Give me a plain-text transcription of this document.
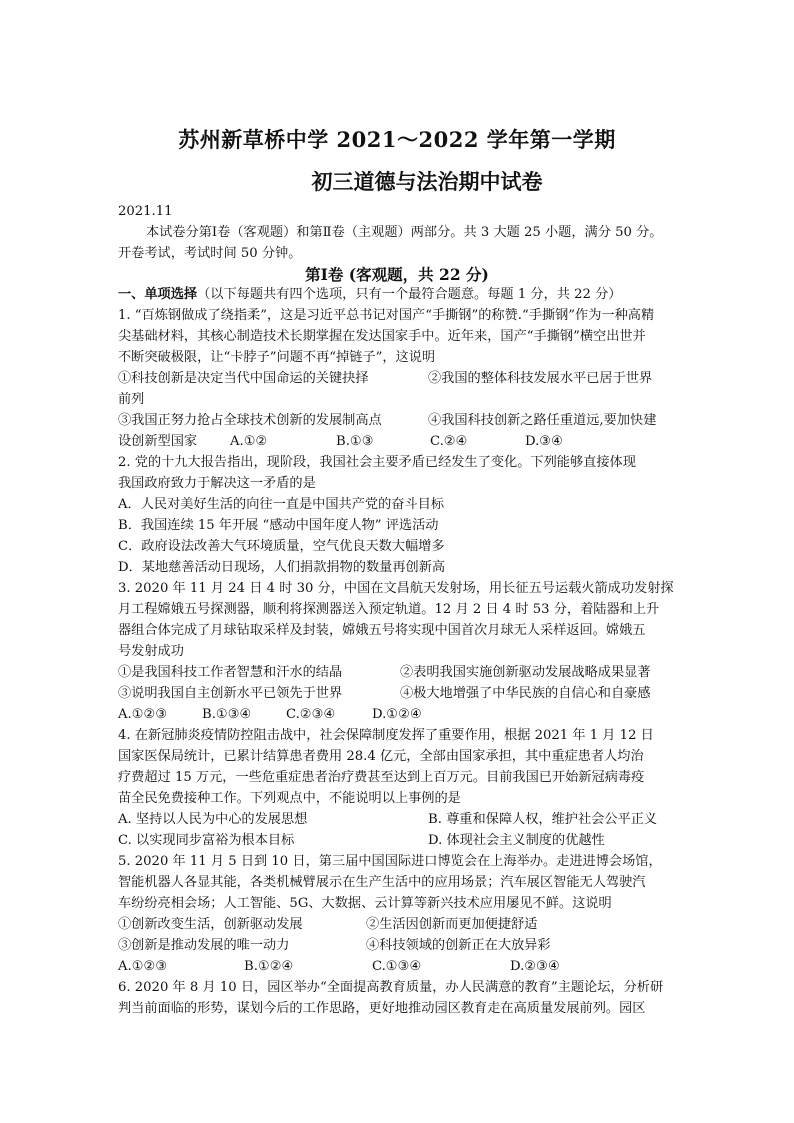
苏州新草桥中学 2021～2022 学年第一学期
初三道德与法治期中试卷
2021.11
本试卷分第Ⅰ卷（客观题）和第Ⅱ卷（主观题）两部分。共 3 大题 25 小题，满分 50 分。
开卷考试，考试时间 50 分钟。
第Ⅰ卷 (客观题，共 22 分)
一、单项选择（以下每题共有四个选项，只有一个最符合题意。每题 1 分，共 22 分）
1. “百炼钢做成了绕指柔”，这是习近平总书记对国产“手撕钢”的称赞.“手撕钢”作为一种高精
尖基础材料，其核心制造技术长期掌握在发达国家手中。近年来，国产“手撕钢”横空出世并
不断突破极限，让“卡脖子”问题不再“掉链子”，这说明
①科技创新是决定当代中国命运的关键抉择	②我国的整体科技发展水平已居于世界
前列
③我国正努力抢占全球技术创新的发展制高点	④我国科技创新之路任重道远,要加快建
设创新型国家 A.①②	B.①③	C.②④	D.③④
2. 党的十九大报告指出，现阶段，我国社会主要矛盾已经发生了变化。下列能够直接体现
我国政府致力于解决这一矛盾的是
A．人民对美好生活的向往一直是中国共产党的奋斗目标
B．我国连续 15 年开展 “感动中国年度人物” 评选活动
C．政府设法改善大气环境质量，空气优良天数大幅增多
D．某地慈善活动日现场，人们捐款捐物的数量再创新高
3. 2020 年 11 月 24 日 4 时 30 分，中国在文昌航天发射场，用长征五号运载火箭成功发射探
月工程嫦娥五号探测器，顺利将探测器送入预定轨道。12 月 2 日 4 时 53 分，着陆器和上升
器组合体完成了月球钻取采样及封装，嫦娥五号将实现中国首次月球无人采样返回。嫦娥五
号发射成功
①是我国科技工作者智慧和汗水的结晶	②表明我国实施创新驱动发展战略成果显著
③说明我国自主创新水平已领先于世界	④极大地增强了中华民族的自信心和自豪感
A.①②③	B.①③④	C.②③④	D.①②④
4. 在新冠肺炎疫情防控阻击战中，社会保障制度发挥了重要作用，根据 2021 年 1 月 12 日
国家医保局统计，已累计结算患者费用 28.4 亿元，全部由国家承担，其中重症患者人均治
疗费超过 15 万元，一些危重症患者治疗费甚至达到上百万元。目前我国已开始新冠病毒疫
苗全民免费接种工作。下列观点中，不能说明以上事例的是
A. 坚持以人民为中心的发展思想	B. 尊重和保障人权，维护社会公平正义
C. 以实现同步富裕为根本目标	D. 体现社会主义制度的优越性
5. 2020 年 11 月 5 日到 10 日，第三届中国国际进口博览会在上海举办。走进进博会场馆，
智能机器人各显其能，各类机械臂展示在生产生活中的应用场景；汽车展区智能无人驾驶汽
车纷纷亮相会场；人工智能、5G、大数据、云计算等新兴技术应用屡见不鲜。这说明
①创新改变生活，创新驱动发展	②生活因创新而更加便捷舒适
③创新是推动发展的唯一动力	④科技领域的创新正在大放异彩
A.①②③	B.①②④	C.①③④	D.②③④
6. 2020 年 8 月 10 日，园区举办“全面提高教育质量，办人民满意的教育”主题论坛，分析研
判当前面临的形势，谋划今后的工作思路，更好地推动园区教育走在高质量发展前列。园区
